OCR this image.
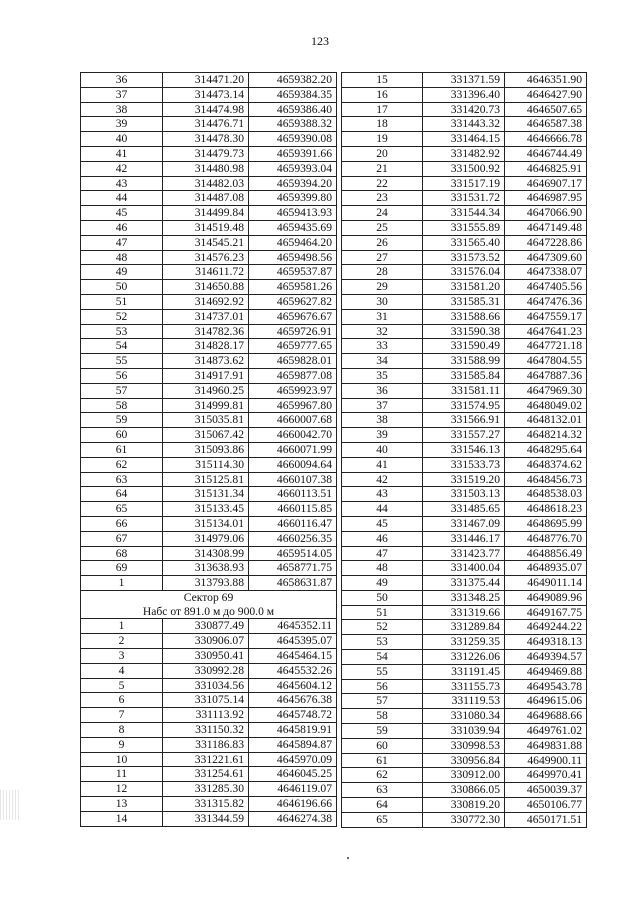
123
36	314471.20	4659382.20
37	314473.14	4659384.35
38	314474.98	4659386.40
39	314476.71	4659388.32
40	314478.30	4659390.08
41	314479.73	4659391.66
42	314480.98	4659393.04
43	314482.03	4659394.20
44	314487.08	4659399.80
45	314499.84	4659413.93
46	314519.48	4659435.69
47	314545.21	4659464.20
48	314576.23	4659498.56
49	314611.72	4659537.87
50	314650.88	4659581.26
51	314692.92	4659627.82
52	314737.01	4659676.67
53	314782.36	4659726.91
54	314828.17	4659777.65
55	314873.62	4659828.01
56	314917.91	4659877.08
57	314960.25	4659923.97
58	314999.81	4659967.80
59	315035.81	4660007.68
60	315067.42	4660042.70
61	315093.86	4660071.99
62	315114.30	4660094.64
63	315125.81	4660107.38
64	315131.34	4660113.51
65	315133.45	4660115.85
66	315134.01	4660116.47
67	314979.06	4660256.35
68	314308.99	4659514.05
69	313638.93	4658771.75
1	313793.88	4658631.87

Сектор 69
Набс от 891.0 м до 900.0 м		

1	330877.49	4645352.11
2	330906.07	4645395.07
3	330950.41	4645464.15
4	330992.28	4645532.26
5	331034.56	4645604.12
6	331075.14	4645676.38
7	331113.92	4645748.72
8	331150.32	4645819.91
9	331186.83	4645894.87
10	331221.61	4645970.09
11	331254.61	4646045.25
12	331285.30	4646119.07
13	331315.82	4646196.66
14	331344.59	4646274.38
15	331371.59	4646351.90
16	331396.40	4646427.90
17	331420.73	4646507.65
18	331443.32	4646587.38
19	331464.15	4646666.78
20	331482.92	4646744.49
21	331500.92	4646825.91
22	331517.19	4646907.17
23	331531.72	4646987.95
24	331544.34	4647066.90
25	331555.89	4647149.48
26	331565.40	4647228.86
27	331573.52	4647309.60
28	331576.04	4647338.07
29	331581.20	4647405.56
30	331585.31	4647476.36
31	331588.66	4647559.17
32	331590.38	4647641.23
33	331590.49	4647721.18
34	331588.99	4647804.55
35	331585.84	4647887.36
36	331581.11	4647969.30
37	331574.95	4648049.02
38	331566.91	4648132.01
39	331557.27	4648214.32
40	331546.13	4648295.64
41	331533.73	4648374.62
42	331519.20	4648456.73
43	331503.13	4648538.03
44	331485.65	4648618.23
45	331467.09	4648695.99
46	331446.17	4648776.70
47	331423.77	4648856.49
48	331400.04	4648935.07
49	331375.44	4649011.14
50	331348.25	4649089.96
51	331319.66	4649167.75
52	331289.84	4649244.22
53	331259.35	4649318.13
54	331226.06	4649394.57
55	331191.45	4649469.88
56	331155.73	4649543.78
57	331119.53	4649615.06
58	331080.34	4649688.66
59	331039.94	4649761.02
60	330998.53	4649831.88
61	330956.84	4649900.11
62	330912.00	4649970.41
63	330866.05	4650039.37
64	330819.20	4650106.77
65	330772.30	4650171.51
